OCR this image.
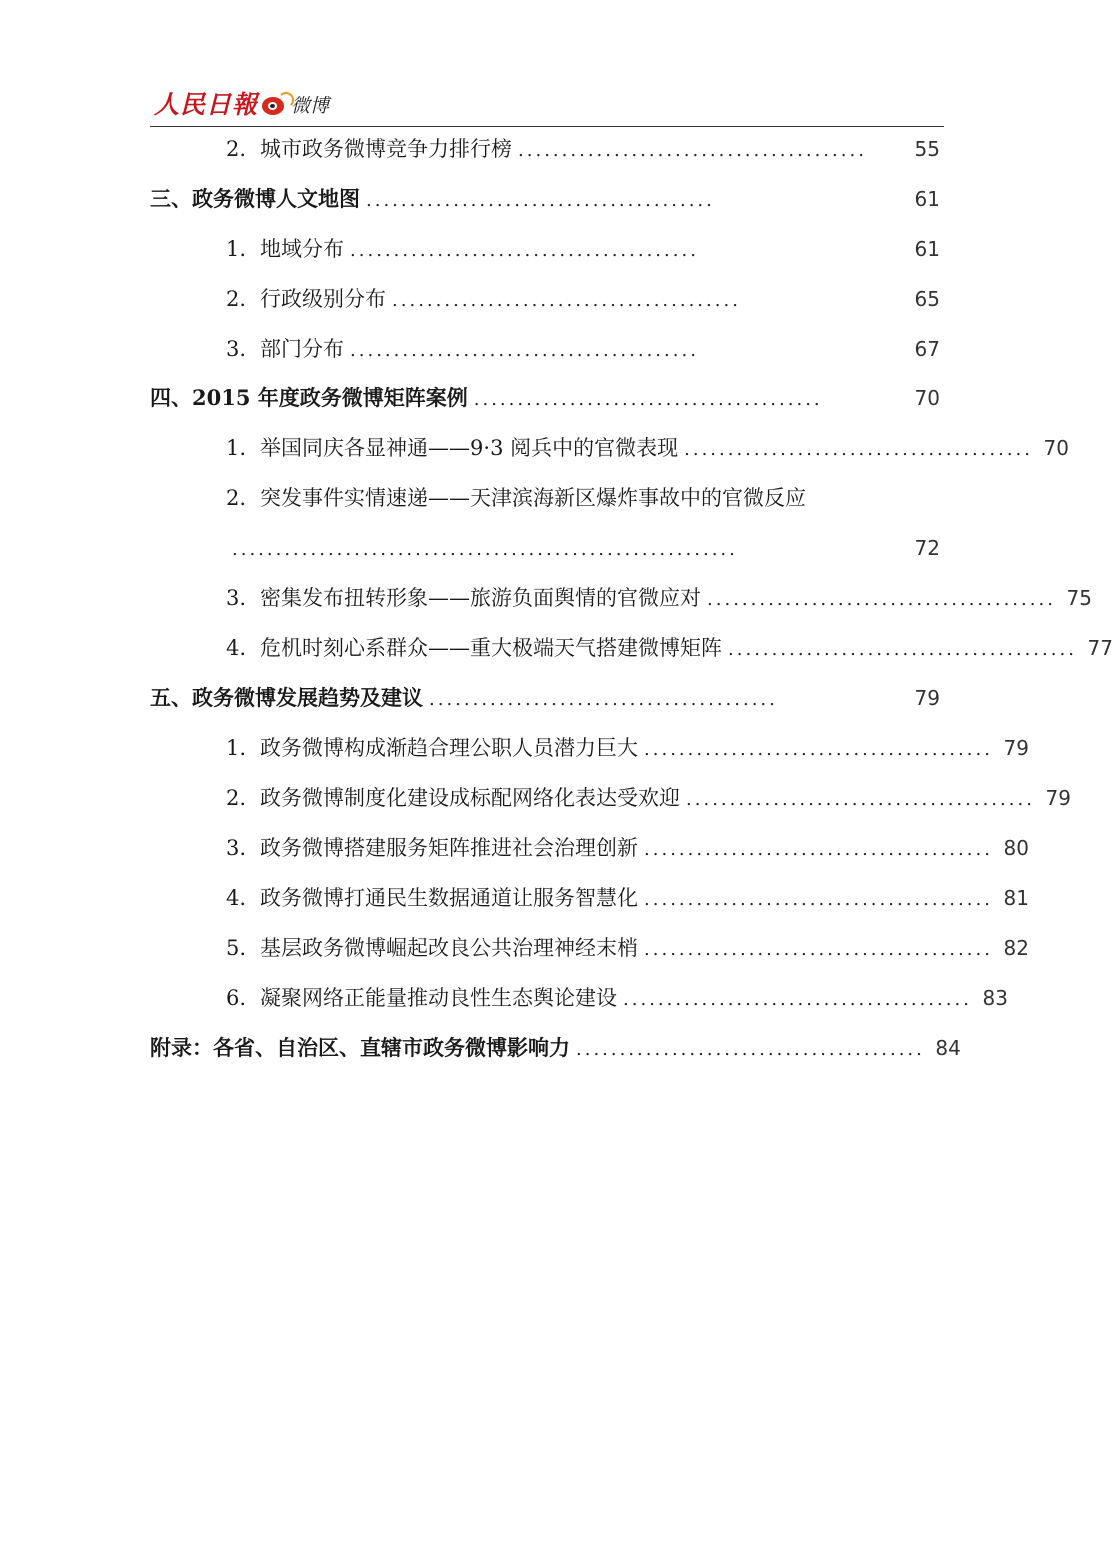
人民日報 微博
2. 城市政务微博竞争力排行榜 ........................................	55
三、政务微博人文地图 ........................................	61
1. 地域分布 ........................................	61
2. 行政级别分布 ........................................	65
3. 部门分布 ........................................	67
四、2015 年度政务微博矩阵案例 ........................................	70
1. 举国同庆各显神通——9·3 阅兵中的官微表现 ........................................ 70
2. 突发事件实情速递——天津滨海新区爆炸事故中的官微反应
..........................................................	72
3. 密集发布扭转形象——旅游负面舆情的官微应对 ........................................ 75
4. 危机时刻心系群众——重大极端天气搭建微博矩阵 ........................................ 77
五、政务微博发展趋势及建议 ........................................	79
1. 政务微博构成渐趋合理公职人员潜力巨大 ........................................ 79
2. 政务微博制度化建设成标配网络化表达受欢迎 ........................................ 79
3. 政务微博搭建服务矩阵推进社会治理创新 ........................................ 80
4. 政务微博打通民生数据通道让服务智慧化 ........................................ 81
5. 基层政务微博崛起改良公共治理神经末梢 ........................................ 82
6. 凝聚网络正能量推动良性生态舆论建设 ........................................ 83
附录：各省、自治区、直辖市政务微博影响力 ........................................ 84
